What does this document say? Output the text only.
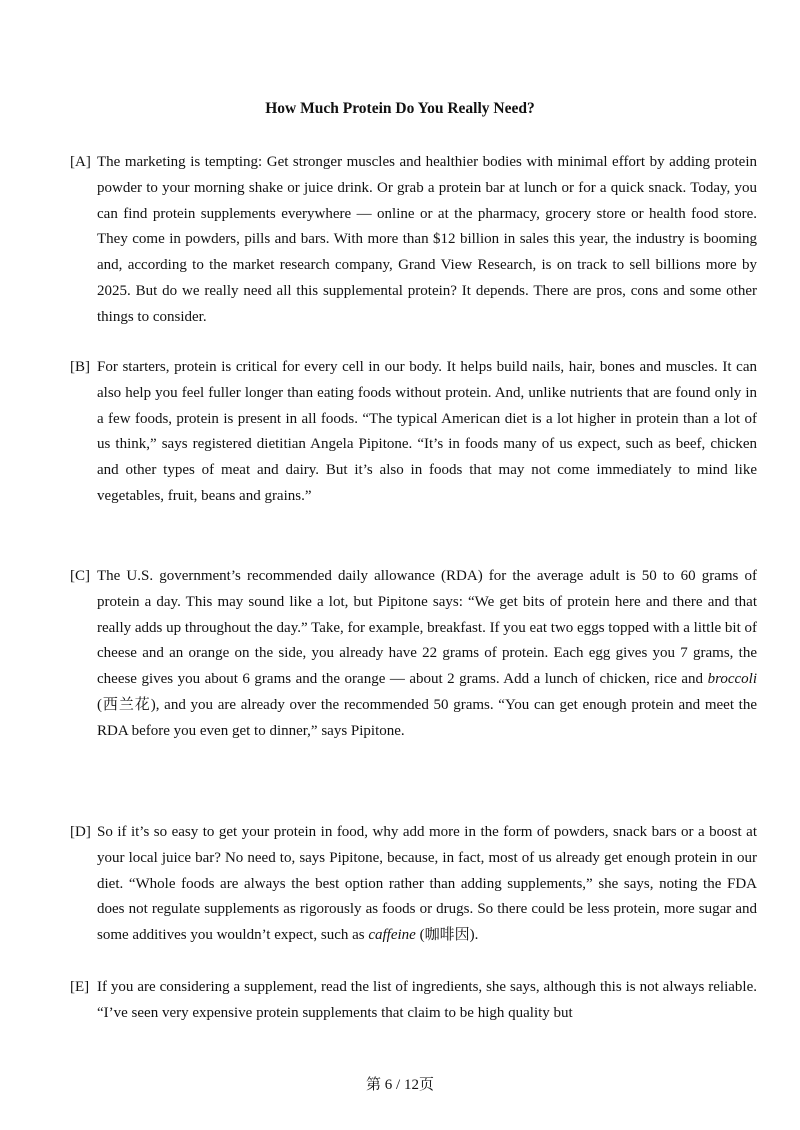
How Much Protein Do You Really Need?

[A] The marketing is tempting: Get stronger muscles and healthier bodies with minimal effort by adding protein powder to your morning shake or juice drink. Or grab a protein bar at lunch or for a quick snack. Today, you can find protein supplements everywhere — online or at the pharmacy, grocery store or health food store. They come in powders, pills and bars. With more than $12 billion in sales this year, the industry is booming and, according to the market research company, Grand View Research, is on track to sell billions more by 2025. But do we really need all this supplemental protein? It depends. There are pros, cons and some other things to consider.

[B] For starters, protein is critical for every cell in our body. It helps build nails, hair, bones and muscles. It can also help you feel fuller longer than eating foods without protein. And, unlike nutrients that are found only in a few foods, protein is present in all foods. “The typical American diet is a lot higher in protein than a lot of us think,” says registered dietitian Angela Pipitone. “It’s in foods many of us expect, such as beef, chicken and other types of meat and dairy. But it’s also in foods that may not come immediately to mind like vegetables, fruit, beans and grains.”

[C] The U.S. government’s recommended daily allowance (RDA) for the average adult is 50 to 60 grams of protein a day. This may sound like a lot, but Pipitone says: “We get bits of protein here and there and that really adds up throughout the day.” Take, for example, breakfast. If you eat two eggs topped with a little bit of cheese and an orange on the side, you already have 22 grams of protein. Each egg gives you 7 grams, the cheese gives you about 6 grams and the orange — about 2 grams. Add a lunch of chicken, rice and broccoli (西兰花), and you are already over the recommended 50 grams. “You can get enough protein and meet the RDA before you even get to dinner,” says Pipitone.

[D] So if it’s so easy to get your protein in food, why add more in the form of powders, snack bars or a boost at your local juice bar? No need to, says Pipitone, because, in fact, most of us already get enough protein in our diet. “Whole foods are always the best option rather than adding supplements,” she says, noting the FDA does not regulate supplements as rigorously as foods or drugs. So there could be less protein, more sugar and some additives you wouldn’t expect, such as caffeine (咖啡因).

[E] If you are considering a supplement, read the list of ingredients, she says, although this is not always reliable. “I’ve seen very expensive protein supplements that claim to be high quality but

第 6 / 12页
